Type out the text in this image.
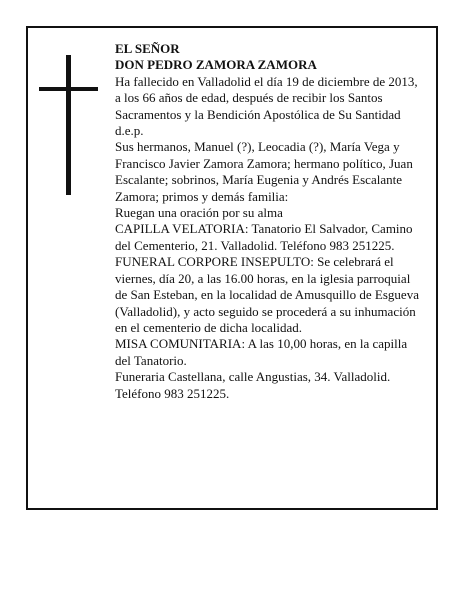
EL SEÑOR

DON PEDRO ZAMORA ZAMORA

Ha fallecido en Valladolid el día 19 de diciembre de 2013, a los 66 años de edad, después de recibir los Santos Sacramentos y la Bendición Apostólica de Su Santidad

d.e.p.

Sus hermanos, Manuel (?), Leocadia (?), María Vega y Francisco Javier Zamora Zamora; hermano político, Juan Escalante; sobrinos, María Eugenia y Andrés Escalante Zamora; primos y demás familia:

Ruegan una oración por su alma

CAPILLA VELATORIA: Tanatorio El Salvador, Camino del Cementerio, 21. Valladolid. Teléfono 983 251225.

FUNERAL CORPORE INSEPULTO: Se celebrará el viernes, día 20, a las 16.00 horas, en la iglesia parroquial de San Esteban, en la localidad de Amusquillo de Esgueva (Valladolid), y acto seguido se procederá a su inhumación en el cementerio de dicha localidad.

MISA COMUNITARIA: A las 10,00 horas, en la capilla del Tanatorio.

Funeraria Castellana, calle Angustias, 34. Valladolid. Teléfono 983 251225.
